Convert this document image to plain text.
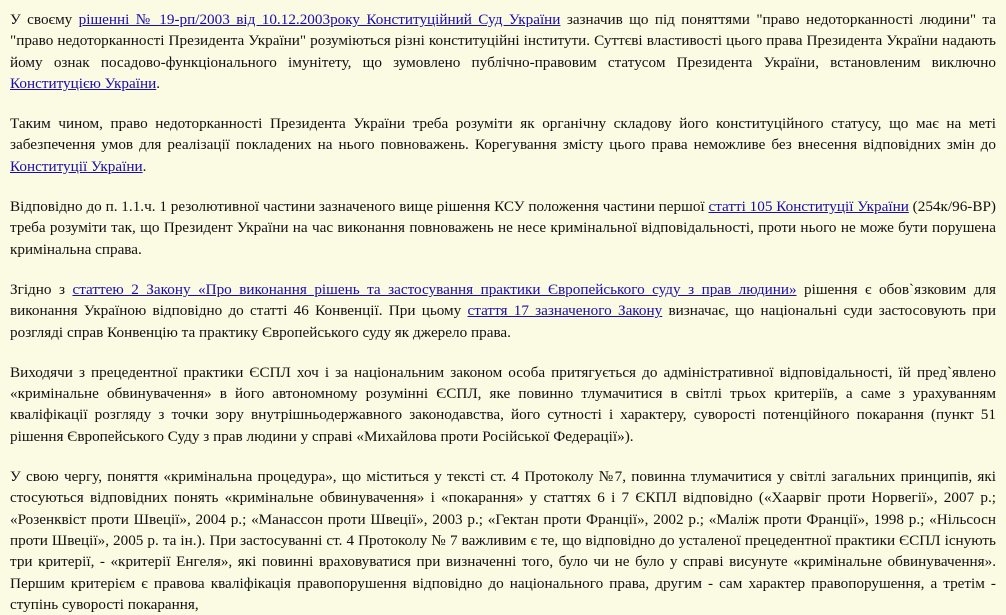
У своєму рішенні № 19-рп/2003 від 10.12.2003року Конституційний Суд України зазначив що під поняттями "право недоторканності людини" та "право недоторканності Президента України" розуміються різні конституційні інститути. Суттєві властивості цього права Президента України надають йому ознак посадово-функціонального імунітету, що зумовлено публічно-правовим статусом Президента України, встановленим виключно Конституцією України.

Таким чином, право недоторканності Президента України треба розуміти як органічну складову його конституційного статусу, що має на меті забезпечення умов для реалізації покладених на нього повноважень. Корегування змісту цього права неможливе без внесення відповідних змін до Конституції України.

Відповідно до п. 1.1.ч. 1 резолютивної частини зазначеного вище рішення КСУ положення частини першої статті 105 Конституції України (254к/96-ВР) треба розуміти так, що Президент України на час виконання повноважень не несе кримінальної відповідальності, проти нього не може бути порушена кримінальна справа.

Згідно з статтею 2 Закону «Про виконання рішень та застосування практики Європейського суду з прав людини» рішення є обов`язковим для виконання Україною відповідно до статті 46 Конвенції. При цьому стаття 17 зазначеного Закону визначає, що національні суди застосовують при розгляді справ Конвенцію та практику Європейського суду як джерело права.

Виходячи з прецедентної практики ЄСПЛ хоч і за національним законом особа притягується до адміністративної відповідальності, їй пред`явлено «кримінальне обвинувачення» в його автономному розумінні ЄСПЛ, яке повинно тлумачитися в світлі трьох критеріїв, а саме з урахуванням кваліфікації розгляду з точки зору внутрішньодержавного законодавства, його сутності і характеру, суворості потенційного покарання (пункт 51 рішення Європейського Суду з прав людини у справі «Михайлова проти Російської Федерації»).

У свою чергу, поняття «кримінальна процедура», що міститься у тексті ст. 4 Протоколу №7, повинна тлумачитися у світлі загальних принципів, які стосуються відповідних понять «кримінальне обвинувачення» і «покарання» у статтях 6 і 7 ЄКПЛ відповідно («Хаарвіг проти Норвегії», 2007 р.; «Розенквіст проти Швеції», 2004 р.; «Манассон проти Швеції», 2003 р.; «Гектан проти Франції», 2002 р.; «Маліж проти Франції», 1998 р.; «Нільсосн проти Швеції», 2005 р. та ін.). При застосуванні ст. 4 Протоколу № 7 важливим є те, що відповідно до усталеної прецедентної практики ЄСПЛ існують три критерії, - «критерії Енгеля», які повинні враховуватися при визначенні того, було чи не було у справі висунуте «кримінальне обвинувачення». Першим критерієм є правова кваліфікація правопорушення відповідно до національного права, другим - сам характер правопорушення, а третім - ступінь суворості покарання,
